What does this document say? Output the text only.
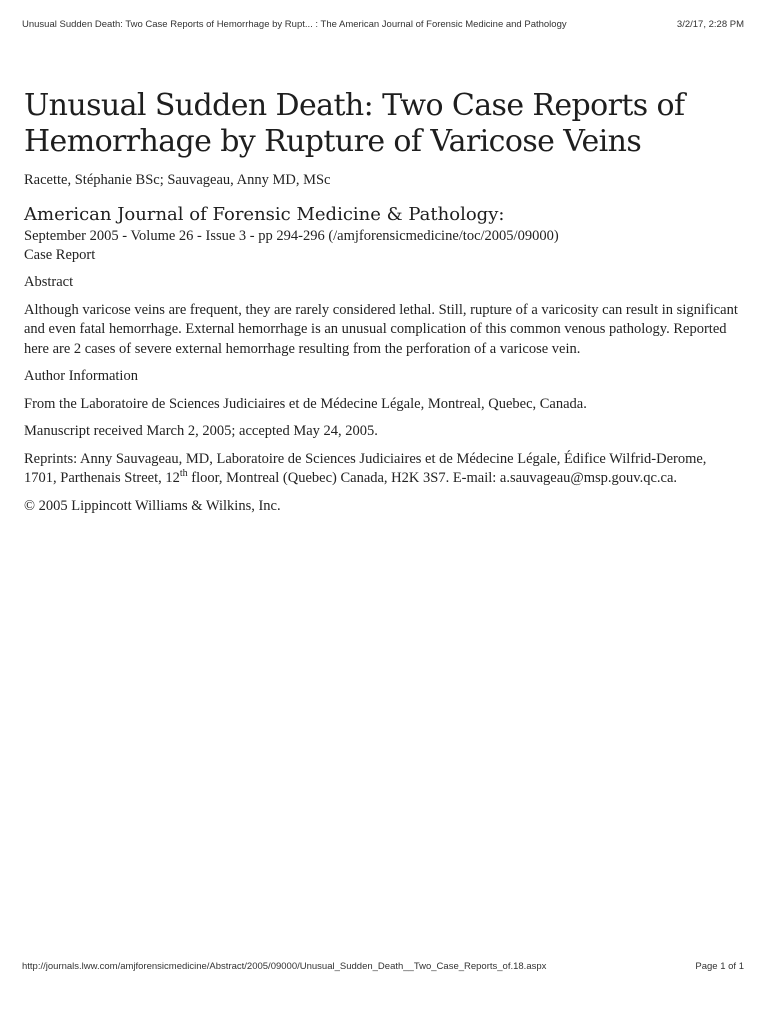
Unusual Sudden Death: Two Case Reports of Hemorrhage by Rupt... : The American Journal of Forensic Medicine and Pathology	3/2/17, 2:28 PM
Unusual Sudden Death: Two Case Reports of Hemorrhage by Rupture of Varicose Veins
Racette, Stéphanie BSc; Sauvageau, Anny MD, MSc
American Journal of Forensic Medicine & Pathology:
September 2005 - Volume 26 - Issue 3 - pp 294-296 (/amjforensicmedicine/toc/2005/09000)
Case Report
Abstract
Although varicose veins are frequent, they are rarely considered lethal. Still, rupture of a varicosity can result in significant and even fatal hemorrhage. External hemorrhage is an unusual complication of this common venous pathology. Reported here are 2 cases of severe external hemorrhage resulting from the perforation of a varicose vein.
Author Information
From the Laboratoire de Sciences Judiciaires et de Médecine Légale, Montreal, Quebec, Canada.
Manuscript received March 2, 2005; accepted May 24, 2005.
Reprints: Anny Sauvageau, MD, Laboratoire de Sciences Judiciaires et de Médecine Légale, Édifice Wilfrid-Derome, 1701, Parthenais Street, 12th floor, Montreal (Quebec) Canada, H2K 3S7. E-mail: a.sauvageau@msp.gouv.qc.ca.
© 2005 Lippincott Williams & Wilkins, Inc.
http://journals.lww.com/amjforensicmedicine/Abstract/2005/09000/Unusual_Sudden_Death__Two_Case_Reports_of.18.aspx	Page 1 of 1
